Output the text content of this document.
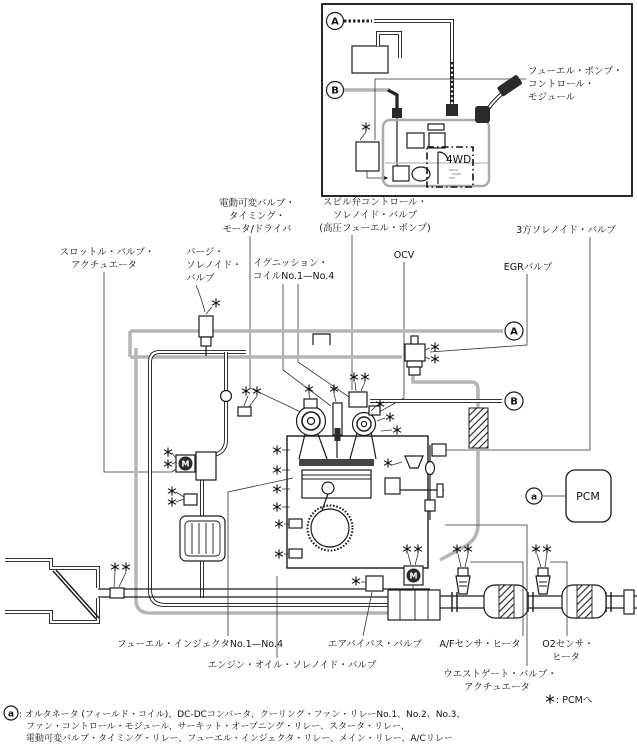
A
B
フューエル・ポンプ・
コントロール・
モジュール
4WD
スロットル・バルブ・
アクチュエータ
パージ・
ソレノイド・
バルブ
電動可変バルブ・
タイミング・
モータ/ドライバ
イグニッション・
コイルNo.1—No.4
スピル弁コントロール・
ソレノイド・バルブ
(高圧フューエル・ポンプ)
OCV
3方ソレノイド・バルブ
EGRバルブ
M
A
B
PCM
a
M
フューエル・インジェクタNo.1—No.4	エアバイパス・バルブ A/Fセンサ・ヒータ O2センサ・
ヒータ
エンジン・オイル・ソレノイド・バルブ
ウエストゲート・バルブ・
アクチュエータ
: PCMへ
a : オルタネータ (フィールド・コイル)、DC-DCコンバータ、クーリング・ファン・リレーNo.1、No.2、No.3、
ファン・コントロール・モジュール、サーキット・オープニング・リレー、スタータ・リレー、
電動可変バルブ・タイミング・リレー、フューエル・インジェクタ・リレー、メイン・リレー、A/Cリレー
